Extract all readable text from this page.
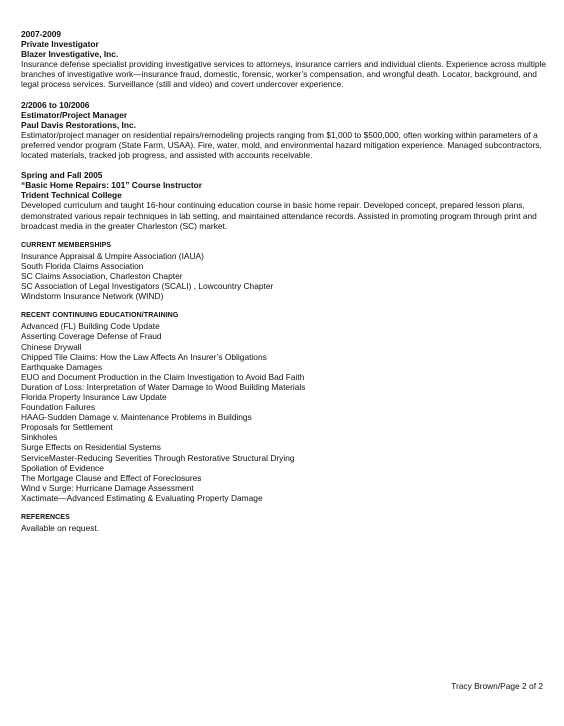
2007-2009
Private Investigator
Blazer Investigative, Inc.
Insurance defense specialist providing investigative services to attorneys, insurance carriers and individual clients. Experience across multiple branches of investigative work—insurance fraud, domestic, forensic, worker’s compensation, and wrongful death. Locator, background, and legal process services. Surveillance (still and video) and covert undercover experience.
2/2006 to 10/2006
Estimator/Project Manager
Paul Davis Restorations, Inc.
Estimator/project manager on residential repairs/remodeling projects ranging from $1,000 to $500,000, often working within parameters of a preferred vendor program (State Farm, USAA). Fire, water, mold, and environmental hazard mitigation experience. Managed subcontractors, located materials, tracked job progress, and assisted with accounts receivable.
Spring and Fall 2005
“Basic Home Repairs: 101” Course Instructor
Trident Technical College
Developed curriculum and taught 16-hour continuing education course in basic home repair. Developed concept, prepared lesson plans, demonstrated various repair techniques in lab setting, and maintained attendance records. Assisted in promoting program through print and broadcast media in the greater Charleston (SC) market.
CURRENT MEMBERSHIPS
Insurance Appraisal & Umpire Association (IAUA)
South Florida Claims Association
SC Claims Association, Charleston Chapter
SC Association of Legal Investigators (SCALI) , Lowcountry Chapter
Windstorm Insurance Network (WIND)
RECENT CONTINUING EDUCATION/TRAINING
Advanced (FL) Building Code Update
Asserting Coverage Defense of Fraud
Chinese Drywall
Chipped Tile Claims: How the Law Affects An Insurer’s Obligations
Earthquake Damages
EUO and Document Production in the Claim Investigation to Avoid Bad Faith
Duration of Loss: Interpretation of Water Damage to Wood Building Materials
Florida Property Insurance Law Update
Foundation Failures
HAAG-Sudden Damage v. Maintenance Problems in Buildings
Proposals for Settlement
Sinkholes
Surge Effects on Residential Systems
ServiceMaster-Reducing Severities Through Restorative Structural Drying
Spoliation of Evidence
The Mortgage Clause and Effect of Foreclosures
Wind v Surge: Hurricane Damage Assessment
Xactimate—Advanced Estimating & Evaluating Property Damage
REFERENCES
Available on request.
Tracy Brown/Page 2 of 2
